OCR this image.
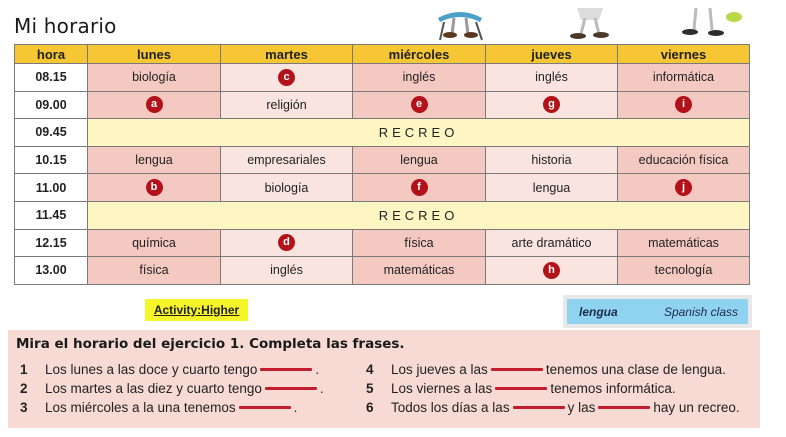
Mi horario
hora	lunes	martes	miércoles	jueves	viernes
08.15	biología	c	inglés	inglés	informática
09.00	a	religión	e	g	i
09.45	RECREO				
10.15	lengua	empresariales	lengua	historia	educación física
11.00	b	biología	f	lengua	j
11.45	RECREO				
12.15	química	d	física	arte dramático	matemáticas
13.00	física	inglés	matemáticas	h	tecnología
Activity:Higher	lengua	Spanish class
Mira el horario del ejercicio 1. Completa las frases.
1	Los lunes a las doce y cuarto tengo	.
2	Los martes a las diez y cuarto tengo	.
3	Los miércoles a la una tenemos	.
4	Los jueves a las	tenemos una clase de lengua.
5	Los viernes a las	tenemos informática.
6	Todos los días a las	y las	hay un recreo.
